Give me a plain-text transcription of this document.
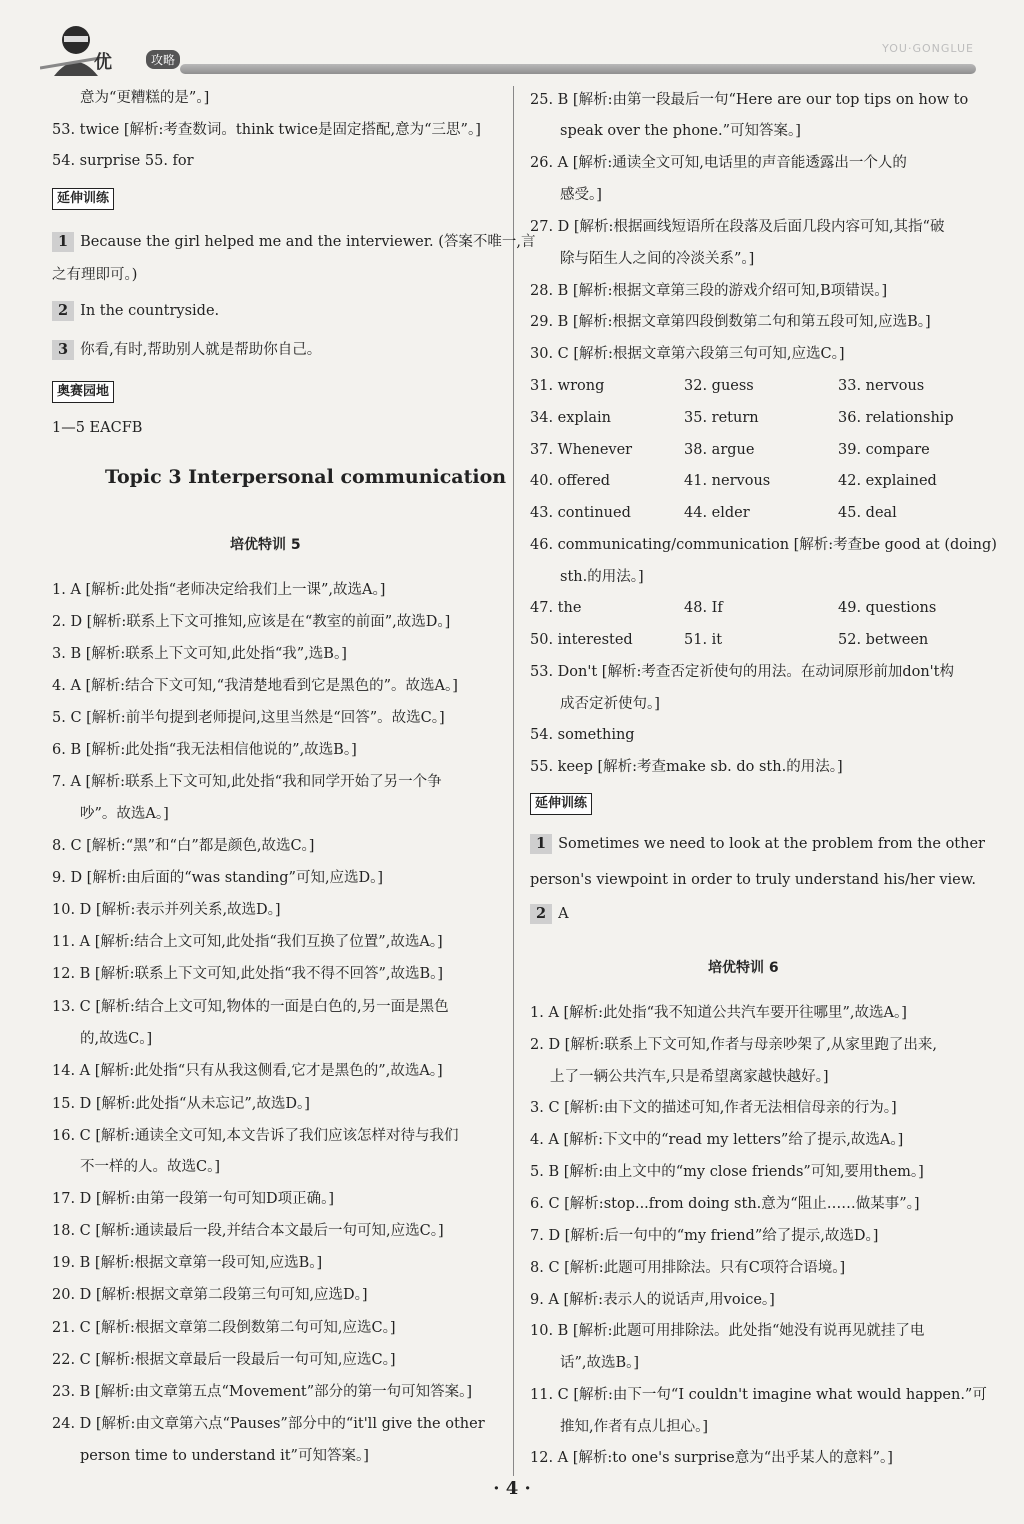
优	攻略
YOU·GONGLUE
意为“更糟糕的是”。]
53. twice [解析:考查数词。think twice是固定搭配,意为“三思”。]
54. surprise 55. for
延伸训练
1 Because the girl helped me and the interviewer. (答案不唯一,言
之有理即可。)
2 In the countryside.
3 你看,有时,帮助别人就是帮助你自己。
奥赛园地
1—5 EACFB
Topic 3 Interpersonal communication
培优特训 5
1. A [解析:此处指“老师决定给我们上一课”,故选A。]
2. D [解析:联系上下文可推知,应该是在“教室的前面”,故选D。]
3. B [解析:联系上下文可知,此处指“我”,选B。]
4. A [解析:结合下文可知,“我清楚地看到它是黑色的”。故选A。]
5. C [解析:前半句提到老师提问,这里当然是“回答”。故选C。]
6. B [解析:此处指“我无法相信他说的”,故选B。]
7. A [解析:联系上下文可知,此处指“我和同学开始了另一个争
吵”。故选A。]
8. C [解析:“黑”和“白”都是颜色,故选C。]
9. D [解析:由后面的“was standing”可知,应选D。]
10. D [解析:表示并列关系,故选D。]
11. A [解析:结合上文可知,此处指“我们互换了位置”,故选A。]
12. B [解析:联系上下文可知,此处指“我不得不回答”,故选B。]
13. C [解析:结合上文可知,物体的一面是白色的,另一面是黑色
的,故选C。]
14. A [解析:此处指“只有从我这侧看,它才是黑色的”,故选A。]
15. D [解析:此处指“从未忘记”,故选D。]
16. C [解析:通读全文可知,本文告诉了我们应该怎样对待与我们
不一样的人。故选C。]
17. D [解析:由第一段第一句可知D项正确。]
18. C [解析:通读最后一段,并结合本文最后一句可知,应选C。]
19. B [解析:根据文章第一段可知,应选B。]
20. D [解析:根据文章第二段第三句可知,应选D。]
21. C [解析:根据文章第二段倒数第二句可知,应选C。]
22. C [解析:根据文章最后一段最后一句可知,应选C。]
23. B [解析:由文章第五点“Movement”部分的第一句可知答案。]
24. D [解析:由文章第六点“Pauses”部分中的“it'll give the other
person time to understand it”可知答案。]
25. B [解析:由第一段最后一句“Here are our top tips on how to
speak over the phone.”可知答案。]
26. A [解析:通读全文可知,电话里的声音能透露出一个人的
感受。]
27. D [解析:根据画线短语所在段落及后面几段内容可知,其指“破
除与陌生人之间的冷淡关系”。]
28. B [解析:根据文章第三段的游戏介绍可知,B项错误。]
29. B [解析:根据文章第四段倒数第二句和第五段可知,应选B。]
30. C [解析:根据文章第六段第三句可知,应选C。]
31. wrong	32. guess	33. nervous
34. explain	35. return	36. relationship
37. Whenever	38. argue	39. compare
40. offered	41. nervous	42. explained
43. continued	44. elder	45. deal
46. communicating/communication [解析:考查be good at (doing)
sth.的用法。]
47. the	48. If	49. questions
50. interested	51. it	52. between
53. Don't [解析:考查否定祈使句的用法。在动词原形前加don't构
成否定祈使句。]
54. something
55. keep [解析:考查make sb. do sth.的用法。]
延伸训练
1 Sometimes we need to look at the problem from the other
person's viewpoint in order to truly understand his/her view.
2 A
培优特训 6
1. A [解析:此处指“我不知道公共汽车要开往哪里”,故选A。]
2. D [解析:联系上下文可知,作者与母亲吵架了,从家里跑了出来,
上了一辆公共汽车,只是希望离家越快越好。]
3. C [解析:由下文的描述可知,作者无法相信母亲的行为。]
4. A [解析:下文中的“read my letters”给了提示,故选A。]
5. B [解析:由上文中的“my close friends”可知,要用them。]
6. C [解析:stop...from doing sth.意为“阻止……做某事”。]
7. D [解析:后一句中的“my friend”给了提示,故选D。]
8. C [解析:此题可用排除法。只有C项符合语境。]
9. A [解析:表示人的说话声,用voice。]
10. B [解析:此题可用排除法。此处指“她没有说再见就挂了电
话”,故选B。]
11. C [解析:由下一句“I couldn't imagine what would happen.”可
推知,作者有点儿担心。]
12. A [解析:to one's surprise意为“出乎某人的意料”。]
· 4 ·
